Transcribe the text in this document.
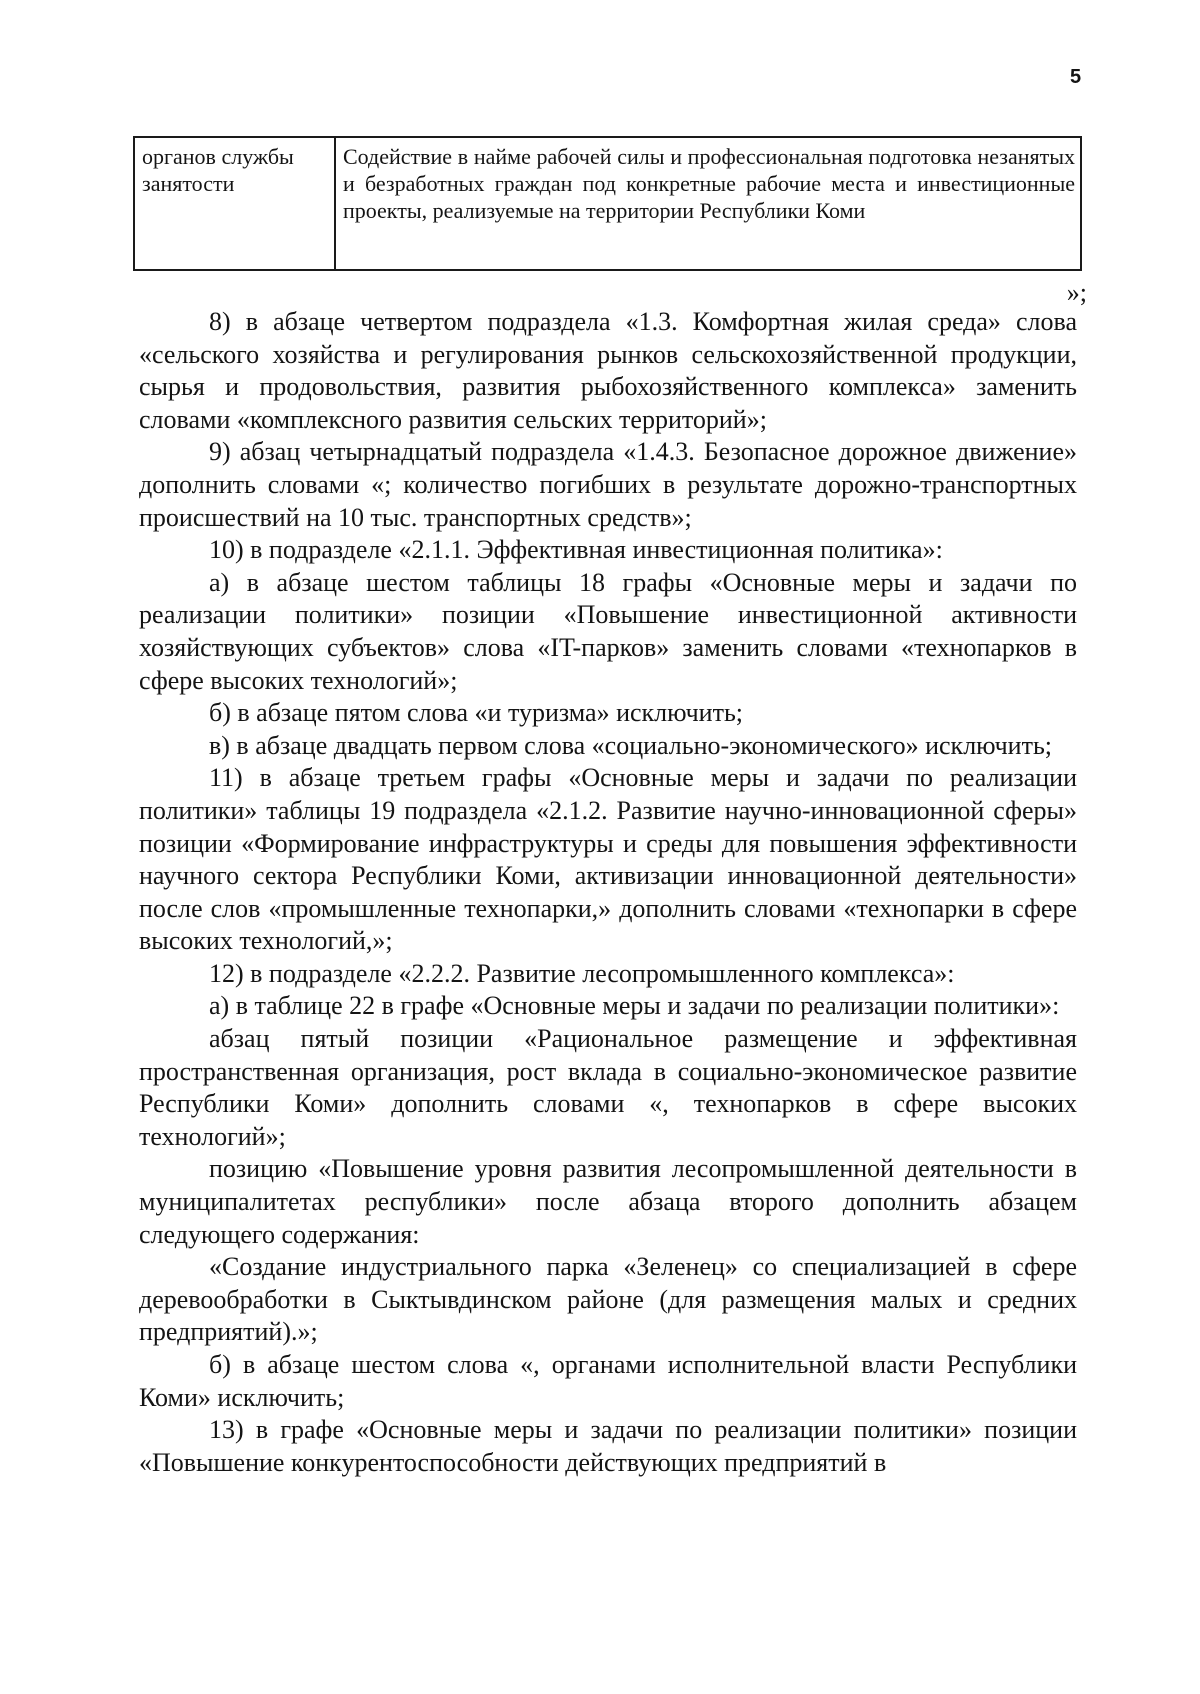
5
органов службы занятости	Содействие в найме рабочей силы и профессиональная подготовка незанятых и безработных граждан под конкретные рабочие места и инвестиционные проекты, реализуемые на территории Республики Коми
»;

8) в абзаце четвертом подраздела «1.3. Комфортная жилая среда» слова «сельского хозяйства и регулирования рынков сельскохозяйственной продукции, сырья и продовольствия, развития рыбохозяйственного комплекса» заменить словами «комплексного развития сельских территорий»;

9) абзац четырнадцатый подраздела «1.4.3. Безопасное дорожное движение» дополнить словами «; количество погибших в результате дорожно-транспортных происшествий на 10 тыс. транспортных средств»;

10) в подразделе «2.1.1. Эффективная инвестиционная политика»:

а) в абзаце шестом таблицы 18 графы «Основные меры и задачи по реализации политики» позиции «Повышение инвестиционной активности хозяйствующих субъектов» слова «IT-парков» заменить словами «технопарков в сфере высоких технологий»;

б) в абзаце пятом слова «и туризма» исключить;

в) в абзаце двадцать первом слова «социально-экономического» исключить;

11) в абзаце третьем графы «Основные меры и задачи по реализации политики» таблицы 19 подраздела «2.1.2. Развитие научно-инновационной сферы» позиции «Формирование инфраструктуры и среды для повышения эффективности научного сектора Республики Коми, активизации инновационной деятельности» после слов «промышленные технопарки,» дополнить словами «технопарки в сфере высоких технологий,»;

12) в подразделе «2.2.2. Развитие лесопромышленного комплекса»:

а) в таблице 22 в графе «Основные меры и задачи по реализации политики»:

абзац пятый позиции «Рациональное размещение и эффективная пространственная организация, рост вклада в социально-экономическое развитие Республики Коми» дополнить словами «, технопарков в сфере высоких технологий»;

позицию «Повышение уровня развития лесопромышленной деятельности в муниципалитетах республики» после абзаца второго дополнить абзацем следующего содержания:

«Создание индустриального парка «Зеленец» со специализацией в сфере деревообработки в Сыктывдинском районе (для размещения малых и средних предприятий).»;

б) в абзаце шестом слова «, органами исполнительной власти Республики Коми» исключить;

13) в графе «Основные меры и задачи по реализации политики» позиции «Повышение конкурентоспособности действующих предприятий в
